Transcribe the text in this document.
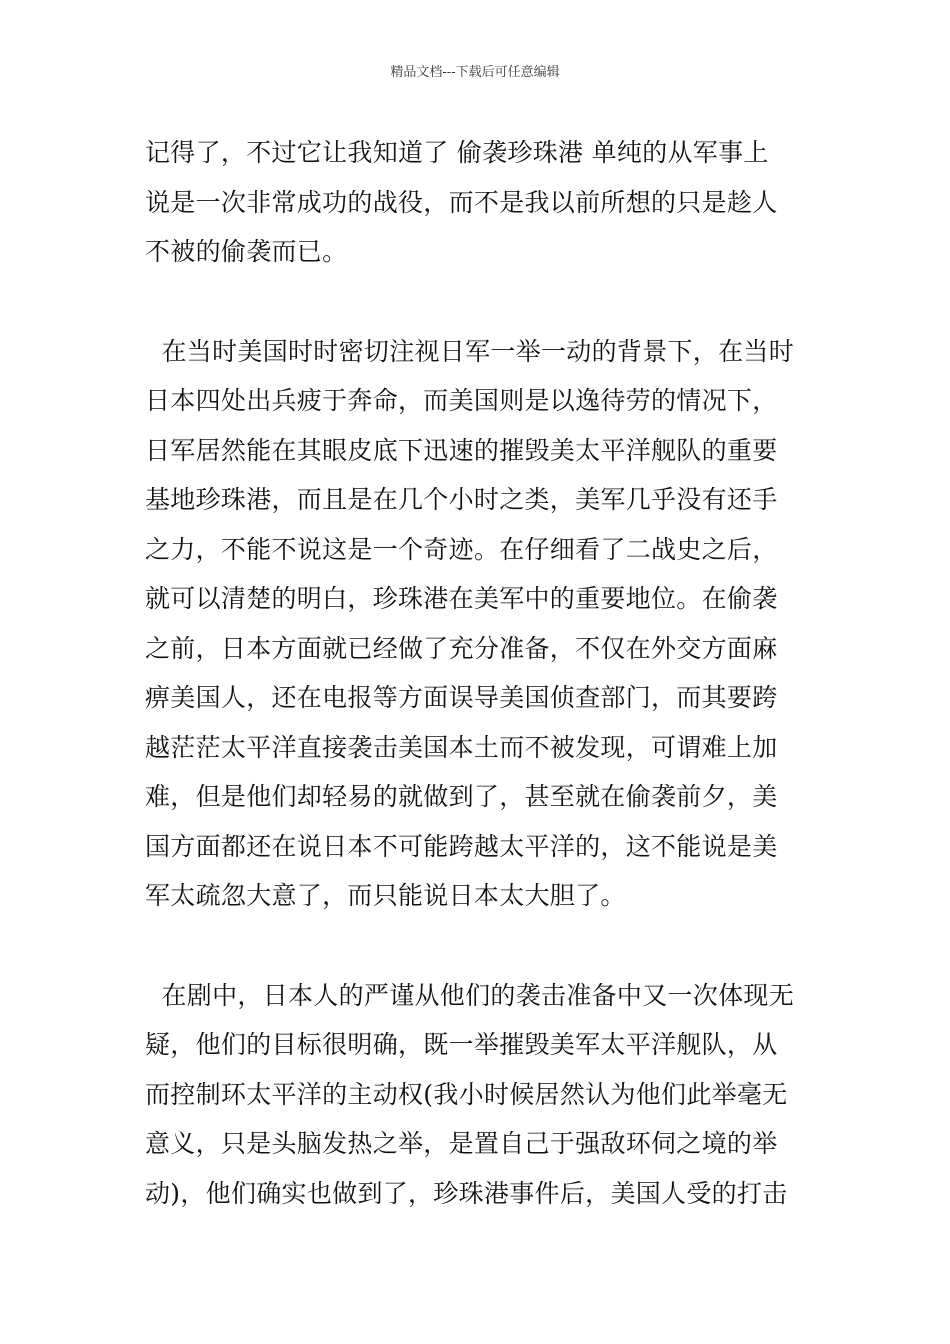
精品文档---下载后可任意编辑

记得了，不过它让我知道了 偷袭珍珠港 单纯的从军事上
说是一次非常成功的战役，而不是我以前所想的只是趁人
不被的偷袭而已。

在当时美国时时密切注视日军一举一动的背景下，在当时
日本四处出兵疲于奔命，而美国则是以逸待劳的情况下，
日军居然能在其眼皮底下迅速的摧毁美太平洋舰队的重要
基地珍珠港，而且是在几个小时之类，美军几乎没有还手
之力，不能不说这是一个奇迹。在仔细看了二战史之后，
就可以清楚的明白，珍珠港在美军中的重要地位。在偷袭
之前，日本方面就已经做了充分准备，不仅在外交方面麻
痹美国人，还在电报等方面误导美国侦查部门，而其要跨
越茫茫太平洋直接袭击美国本土而不被发现，可谓难上加
难，但是他们却轻易的就做到了，甚至就在偷袭前夕，美
国方面都还在说日本不可能跨越太平洋的，这不能说是美
军太疏忽大意了，而只能说日本太大胆了。

在剧中，日本人的严谨从他们的袭击准备中又一次体现无
疑，他们的目标很明确，既一举摧毁美军太平洋舰队，从
而控制环太平洋的主动权(我小时候居然认为他们此举毫无
意义，只是头脑发热之举，是置自己于强敌环伺之境的举
动)，他们确实也做到了，珍珠港事件后，美国人受的打击
